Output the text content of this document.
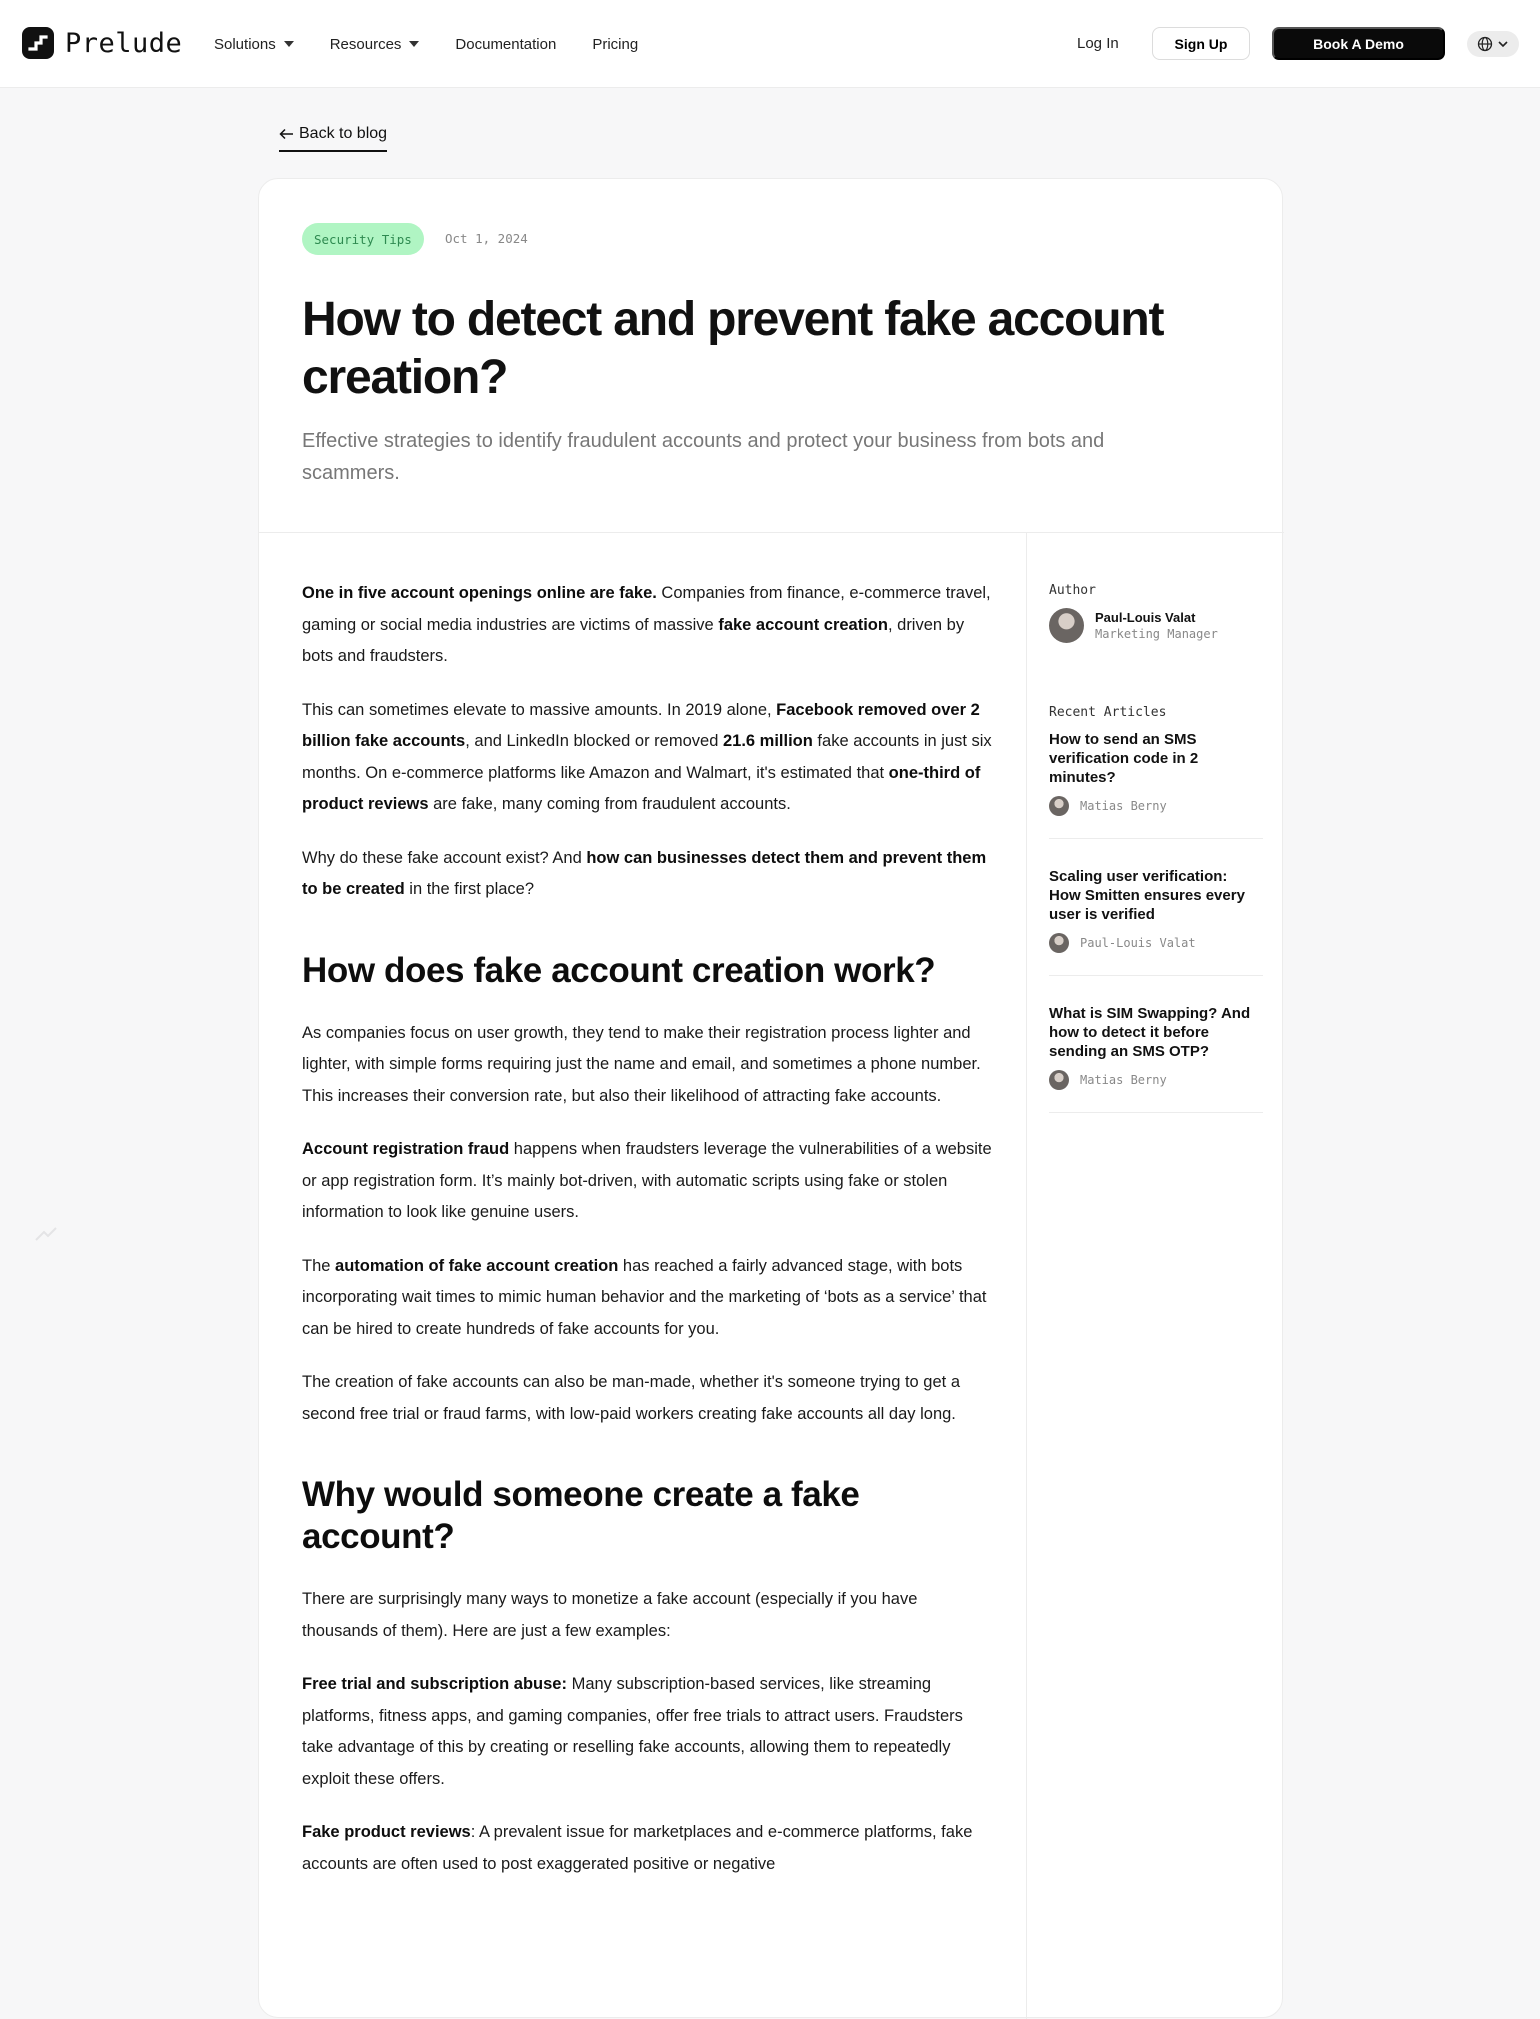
Prelude Solutions	Resources	Documentation Pricing	Log In	Sign Up	Book A Demo
Back to blog
Security Tips	Oct 1, 2024
How to detect and prevent fake account creation?

Effective strategies to identify fraudulent accounts and protect your business from bots and scammers.

One in five account openings online are fake. Companies from finance, e-commerce travel, gaming or social media industries are victims of massive fake account creation, driven by bots and fraudsters.

This can sometimes elevate to massive amounts. In 2019 alone, Facebook removed over 2 billion fake accounts, and LinkedIn blocked or removed 21.6 million fake accounts in just six months. On e-commerce platforms like Amazon and Walmart, it's estimated that one-third of product reviews are fake, many coming from fraudulent accounts.

Why do these fake account exist? And how can businesses detect them and prevent them to be created in the first place?

How does fake account creation work?

As companies focus on user growth, they tend to make their registration process lighter and lighter, with simple forms requiring just the name and email, and sometimes a phone number. This increases their conversion rate, but also their likelihood of attracting fake accounts.

Account registration fraud happens when fraudsters leverage the vulnerabilities of a website or app registration form. It’s mainly bot-driven, with automatic scripts using fake or stolen information to look like genuine users.

The automation of fake account creation has reached a fairly advanced stage, with bots incorporating wait times to mimic human behavior and the marketing of ‘bots as a service’ that can be hired to create hundreds of fake accounts for you.

The creation of fake accounts can also be man-made, whether it's someone trying to get a second free trial or fraud farms, with low-paid workers creating fake accounts all day long.

Why would someone create a fake account?

There are surprisingly many ways to monetize a fake account (especially if you have thousands of them). Here are just a few examples:

Free trial and subscription abuse: Many subscription-based services, like streaming platforms, fitness apps, and gaming companies, offer free trials to attract users. Fraudsters take advantage of this by creating or reselling fake accounts, allowing them to repeatedly exploit these offers.

Fake product reviews: A prevalent issue for marketplaces and e-commerce platforms, fake accounts are often used to post exaggerated positive or negative

Author
Paul-Louis Valat
Marketing Manager
Recent Articles
How to send an SMS verification code in 2 minutes?
Matias Berny
Scaling user verification: How Smitten ensures every user is verified
Paul-Louis Valat
What is SIM Swapping? And how to detect it before sending an SMS OTP?
Matias Berny
